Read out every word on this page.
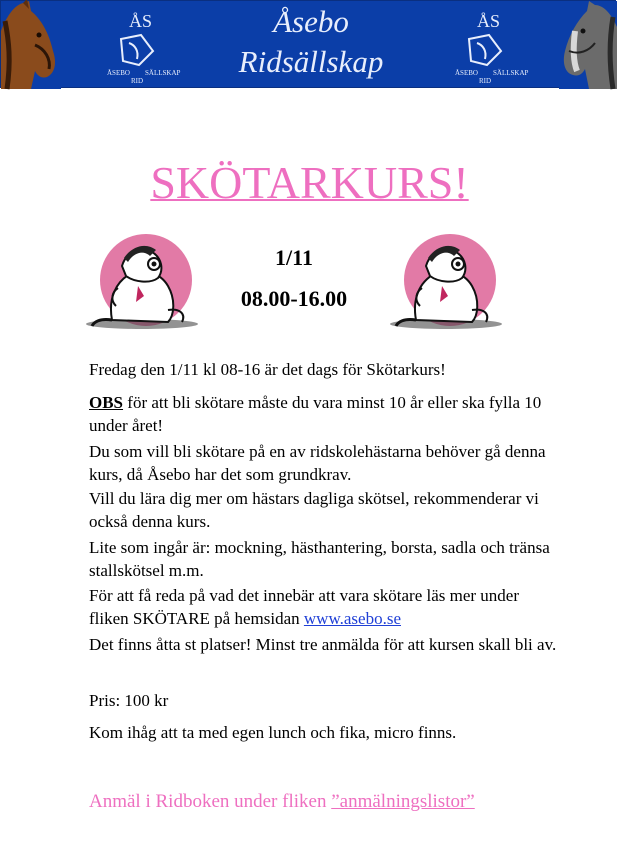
ÅS
ÅSEBO SÄLLSKAP
RID
Åsebo
Ridsällskap
ÅS
ÅSEBO SÄLLSKAP
RID
SKÖTARKURS!
1/11
08.00-16.00
Fredag den 1/11 kl 08-16 är det dags för Skötarkurs!
OBS för att bli skötare måste du vara minst 10 år eller ska fylla 10 under året!
Du som vill bli skötare på en av ridskolehästarna behöver gå denna kurs, då Åsebo har det som grundkrav.
Vill du lära dig mer om hästars dagliga skötsel, rekommenderar vi också denna kurs.
Lite som ingår är: mockning, hästhantering, borsta, sadla och tränsa stallskötsel m.m.
För att få reda på vad det innebär att vara skötare läs mer under fliken SKÖTARE på hemsidan www.asebo.se
Det finns åtta st platser! Minst tre anmälda för att kursen skall bli av.
Pris: 100 kr
Kom ihåg att ta med egen lunch och fika, micro finns.
Anmäl i Ridboken under fliken ”anmälningslistor”
